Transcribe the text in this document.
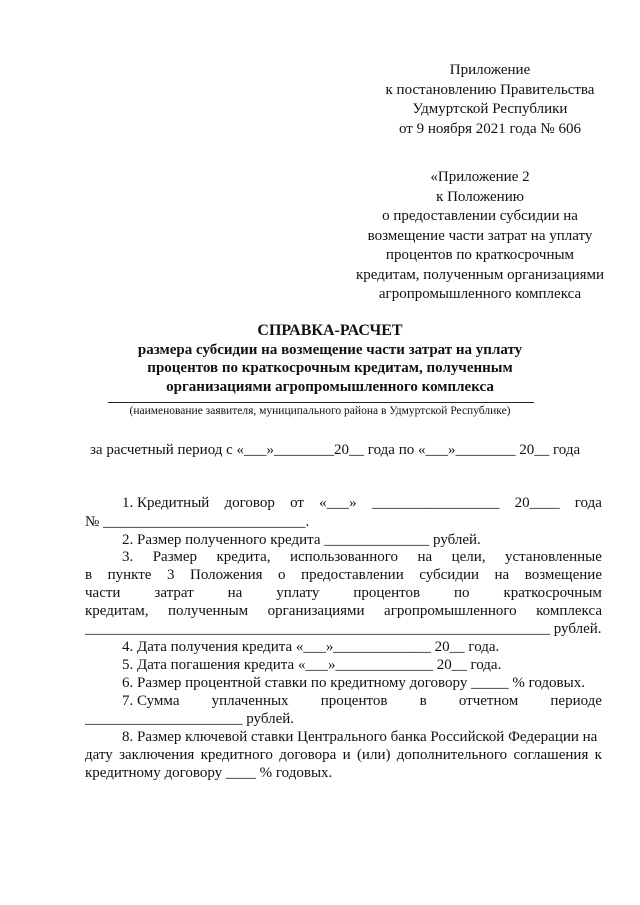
Приложение
к постановлению Правительства
Удмуртской Республики
от 9 ноября 2021 года № 606
«Приложение 2
к Положению
о предоставлении субсидии на
возмещение части затрат на уплату
процентов по краткосрочным
кредитам, полученным организациями
агропромышленного комплекса
СПРАВКА-РАСЧЕТ
размера субсидии на возмещение части затрат на уплату
процентов по краткосрочным кредитам, полученным
организациями агропромышленного комплекса
(наименование заявителя, муниципального района в Удмуртской Республике)
за расчетный период с «___»________20__ года по «___»________ 20__ года
1. Кредитный договор от «___» _________________ 20____ года
№ ___________________________.
2. Размер полученного кредита ______________ рублей.
3. Размер кредита, использованного на цели, установленные
в пункте 3 Положения о предоставлении субсидии на возмещение
части затрат на уплату процентов по краткосрочным
кредитам, полученным организациями агропромышленного комплекса
______________________________________________________________ рублей.
4. Дата получения кредита «___»_____________ 20__ года.
5. Дата погашения кредита «___»_____________ 20__ года.
6. Размер процентной ставки по кредитному договору _____ % годовых.
7. Сумма уплаченных процентов в отчетном периоде
_____________________ рублей.
8. Размер ключевой ставки Центрального банка Российской Федерации на
дату заключения кредитного договора и (или) дополнительного соглашения к
кредитному договору ____ % годовых.
